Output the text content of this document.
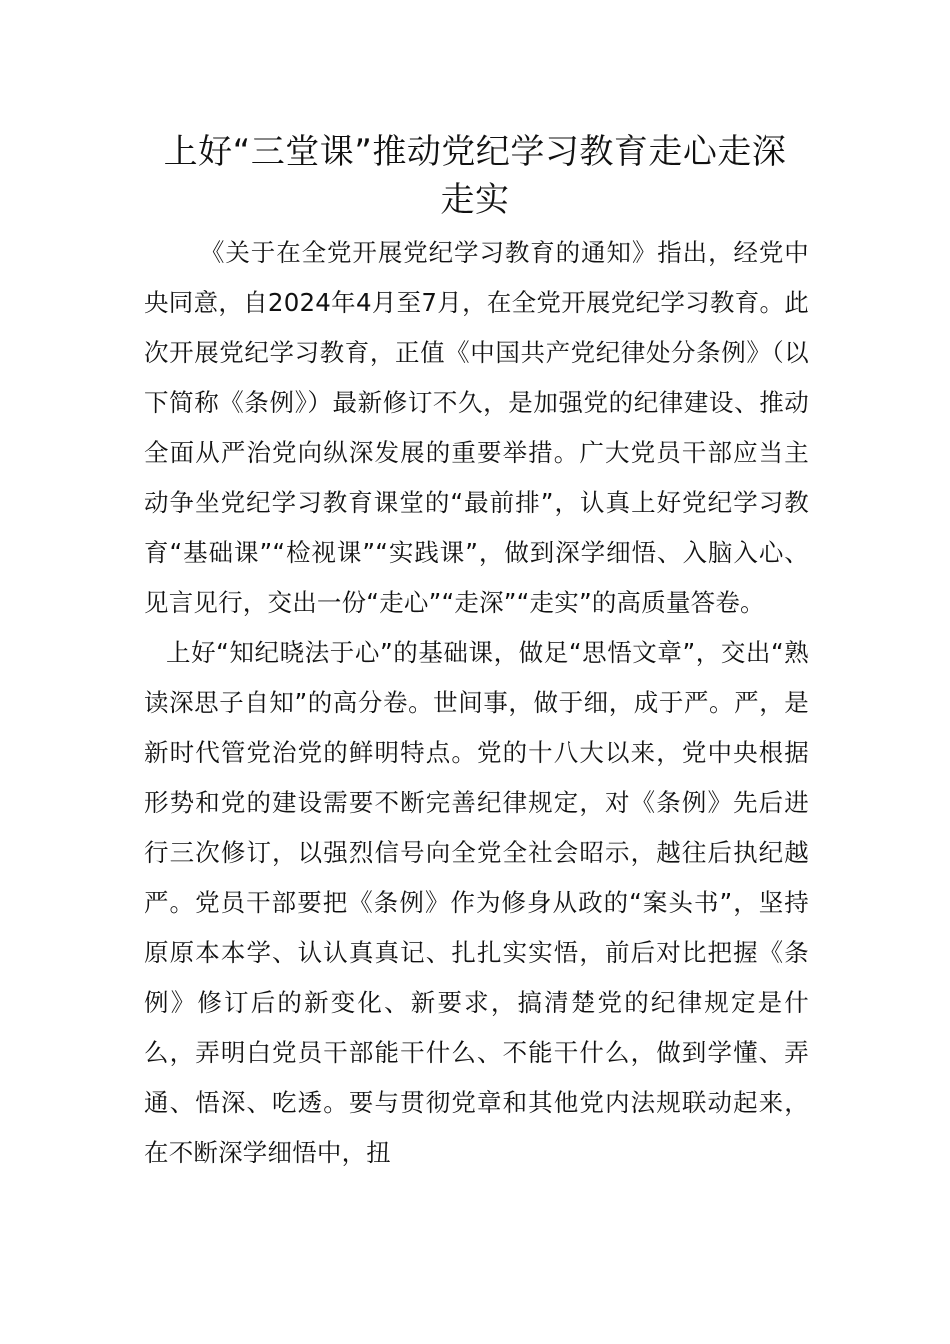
上好“三堂课”推动党纪学习教育走心走深走实

《关于在全党开展党纪学习教育的通知》指出，经党中央同意，自2024年4月至7月，在全党开展党纪学习教育。此次开展党纪学习教育，正值《中国共产党纪律处分条例》（以下简称《条例》）最新修订不久，是加强党的纪律建设、推动全面从严治党向纵深发展的重要举措。广大党员干部应当主动争坐党纪学习教育课堂的“最前排”，认真上好党纪学习教育“基础课”“检视课”“实践课”，做到深学细悟、入脑入心、见言见行，交出一份“走心”“走深”“走实”的高质量答卷。

上好“知纪晓法于心”的基础课，做足“思悟文章”，交出“熟读深思子自知”的高分卷。世间事，做于细，成于严。严，是新时代管党治党的鲜明特点。党的十八大以来，党中央根据形势和党的建设需要不断完善纪律规定，对《条例》先后进行三次修订，以强烈信号向全党全社会昭示，越往后执纪越严。党员干部要把《条例》作为修身从政的“案头书”，坚持原原本本学、认认真真记、扎扎实实悟，前后对比把握《条例》修订后的新变化、新要求，搞清楚党的纪律规定是什么，弄明白党员干部能干什么、不能干什么，做到学懂、弄通、悟深、吃透。要与贯彻党章和其他党内法规联动起来，在不断深学细悟中，扭
